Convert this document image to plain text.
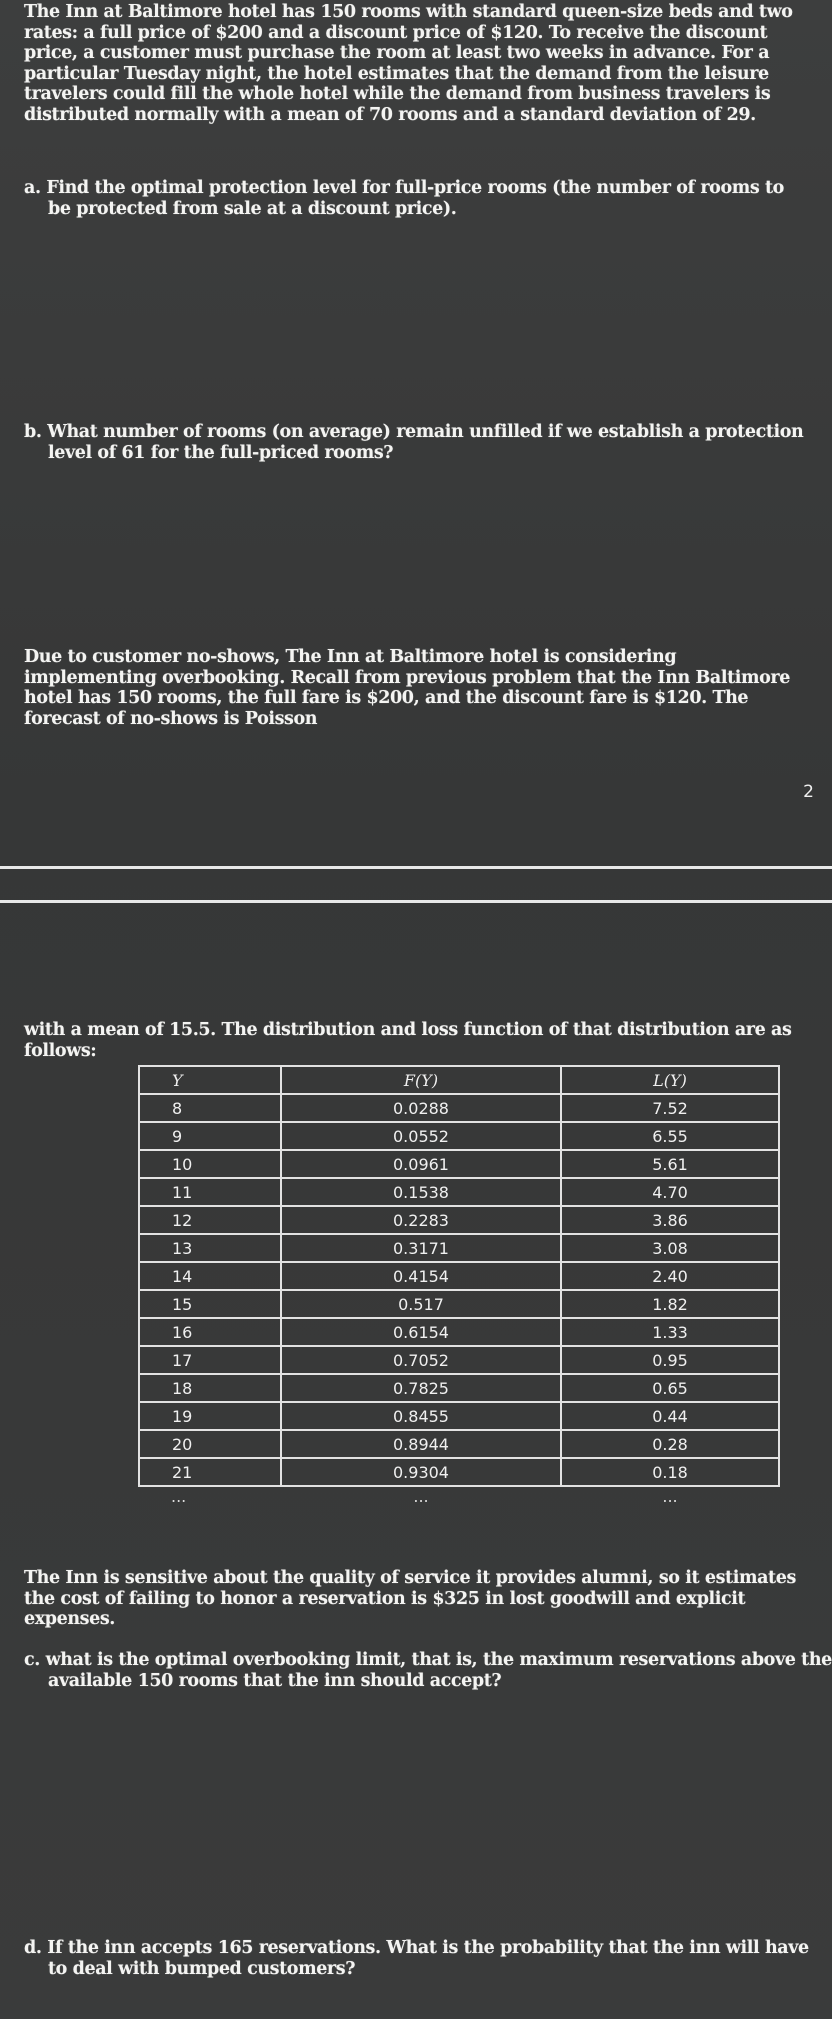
The Inn at Baltimore hotel has 150 rooms with standard queen-size beds and two rates: a full price of $200 and a discount price of $120. To receive the discount price, a customer must purchase the room at least two weeks in advance. For a particular Tuesday night, the hotel estimates that the demand from the leisure travelers could fill the whole hotel while the demand from business travelers is distributed normally with a mean of 70 rooms and a standard deviation of 29.
a. Find the optimal protection level for full-price rooms (the number of rooms to be protected from sale at a discount price).
b. What number of rooms (on average) remain unfilled if we establish a protection level of 61 for the full-priced rooms?
Due to customer no-shows, The Inn at Baltimore hotel is considering implementing overbooking. Recall from previous problem that the Inn Baltimore hotel has 150 rooms, the full fare is $200, and the discount fare is $120. The forecast of no-shows is Poisson
2
with a mean of 15.5. The distribution and loss function of that distribution are as follows:
Y	F(Y)	L(Y)
8	0.0288	7.52
9	0.0552	6.55
10	0.0961	5.61
11	0.1538	4.70
12	0.2283	3.86
13	0.3171	3.08
14	0.4154	2.40
15	0.517	1.82
16	0.6154	1.33
17	0.7052	0.95
18	0.7825	0.65
19	0.8455	0.44
20	0.8944	0.28
21	0.9304	0.18
...	...	...
The Inn is sensitive about the quality of service it provides alumni, so it estimates the cost of failing to honor a reservation is $325 in lost goodwill and explicit expenses.
c. what is the optimal overbooking limit, that is, the maximum reservations above the available 150 rooms that the inn should accept?
d. If the inn accepts 165 reservations. What is the probability that the inn will have to deal with bumped customers?
